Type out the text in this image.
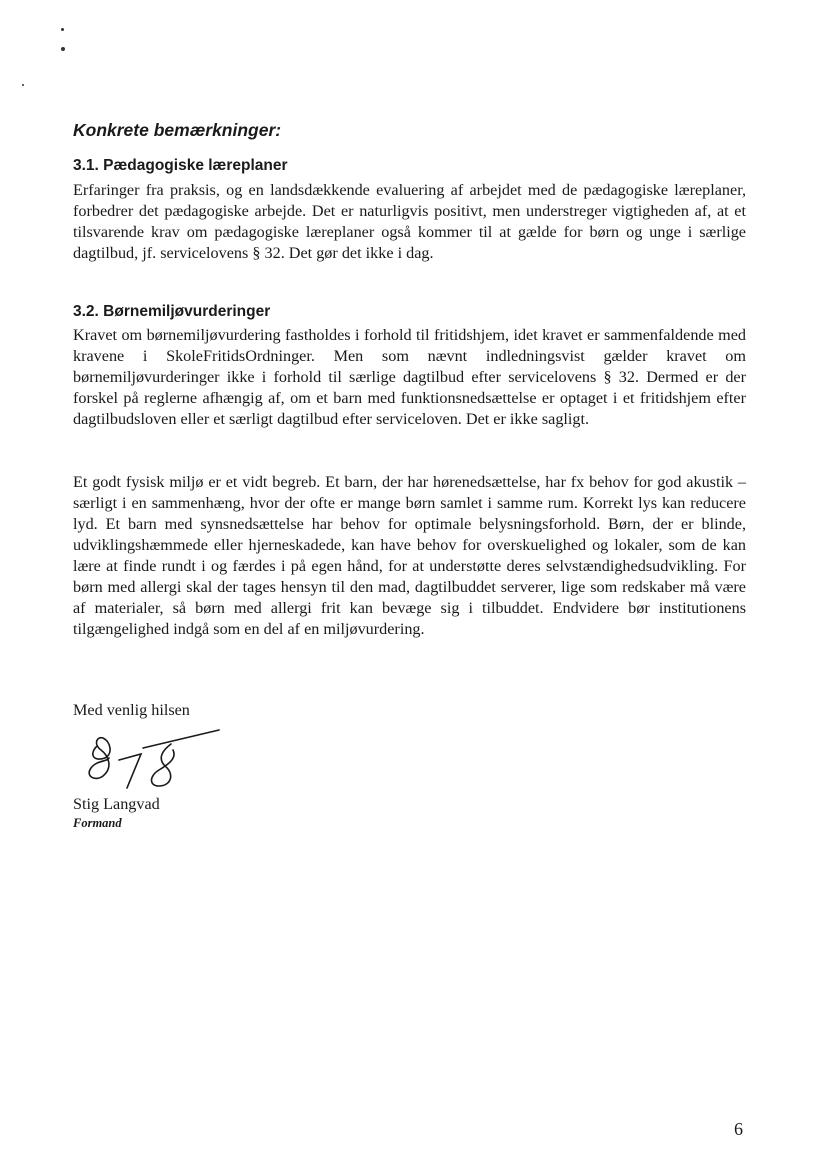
Konkrete bemærkninger:
3.1. Pædagogiske læreplaner

Erfaringer fra praksis, og en landsdækkende evaluering af arbejdet med de pædagogiske læreplaner, forbedrer det pædagogiske arbejde. Det er naturligvis positivt, men understreger vigtigheden af, at et tilsvarende krav om pædagogiske læreplaner også kommer til at gælde for børn og unge i særlige dagtilbud, jf. servicelovens § 32. Det gør det ikke i dag.

3.2. Børnemiljøvurderinger

Kravet om børnemiljøvurdering fastholdes i forhold til fritidshjem, idet kravet er sammenfaldende med kravene i SkoleFritidsOrdninger. Men som nævnt indledningsvist gælder kravet om børnemiljøvurderinger ikke i forhold til særlige dagtilbud efter servicelovens § 32. Dermed er der forskel på reglerne afhængig af, om et barn med funktionsnedsættelse er optaget i et fritidshjem efter dagtilbudsloven eller et særligt dagtilbud efter serviceloven. Det er ikke sagligt.

Et godt fysisk miljø er et vidt begreb. Et barn, der har hørenedsættelse, har fx behov for god akustik – særligt i en sammenhæng, hvor der ofte er mange børn samlet i samme rum. Korrekt lys kan reducere lyd. Et barn med synsnedsættelse har behov for optimale belysningsforhold. Børn, der er blinde, udviklingshæmmede eller hjerneskadede, kan have behov for overskuelighed og lokaler, som de kan lære at finde rundt i og færdes i på egen hånd, for at understøtte deres selvstændighedsudvikling. For børn med allergi skal der tages hensyn til den mad, dagtilbuddet serverer, lige som redskaber må være af materialer, så børn med allergi frit kan bevæge sig i tilbuddet. Endvidere bør institutionens tilgængelighed indgå som en del af en miljøvurdering.

Med venlig hilsen

Stig Langvad

Formand

6
